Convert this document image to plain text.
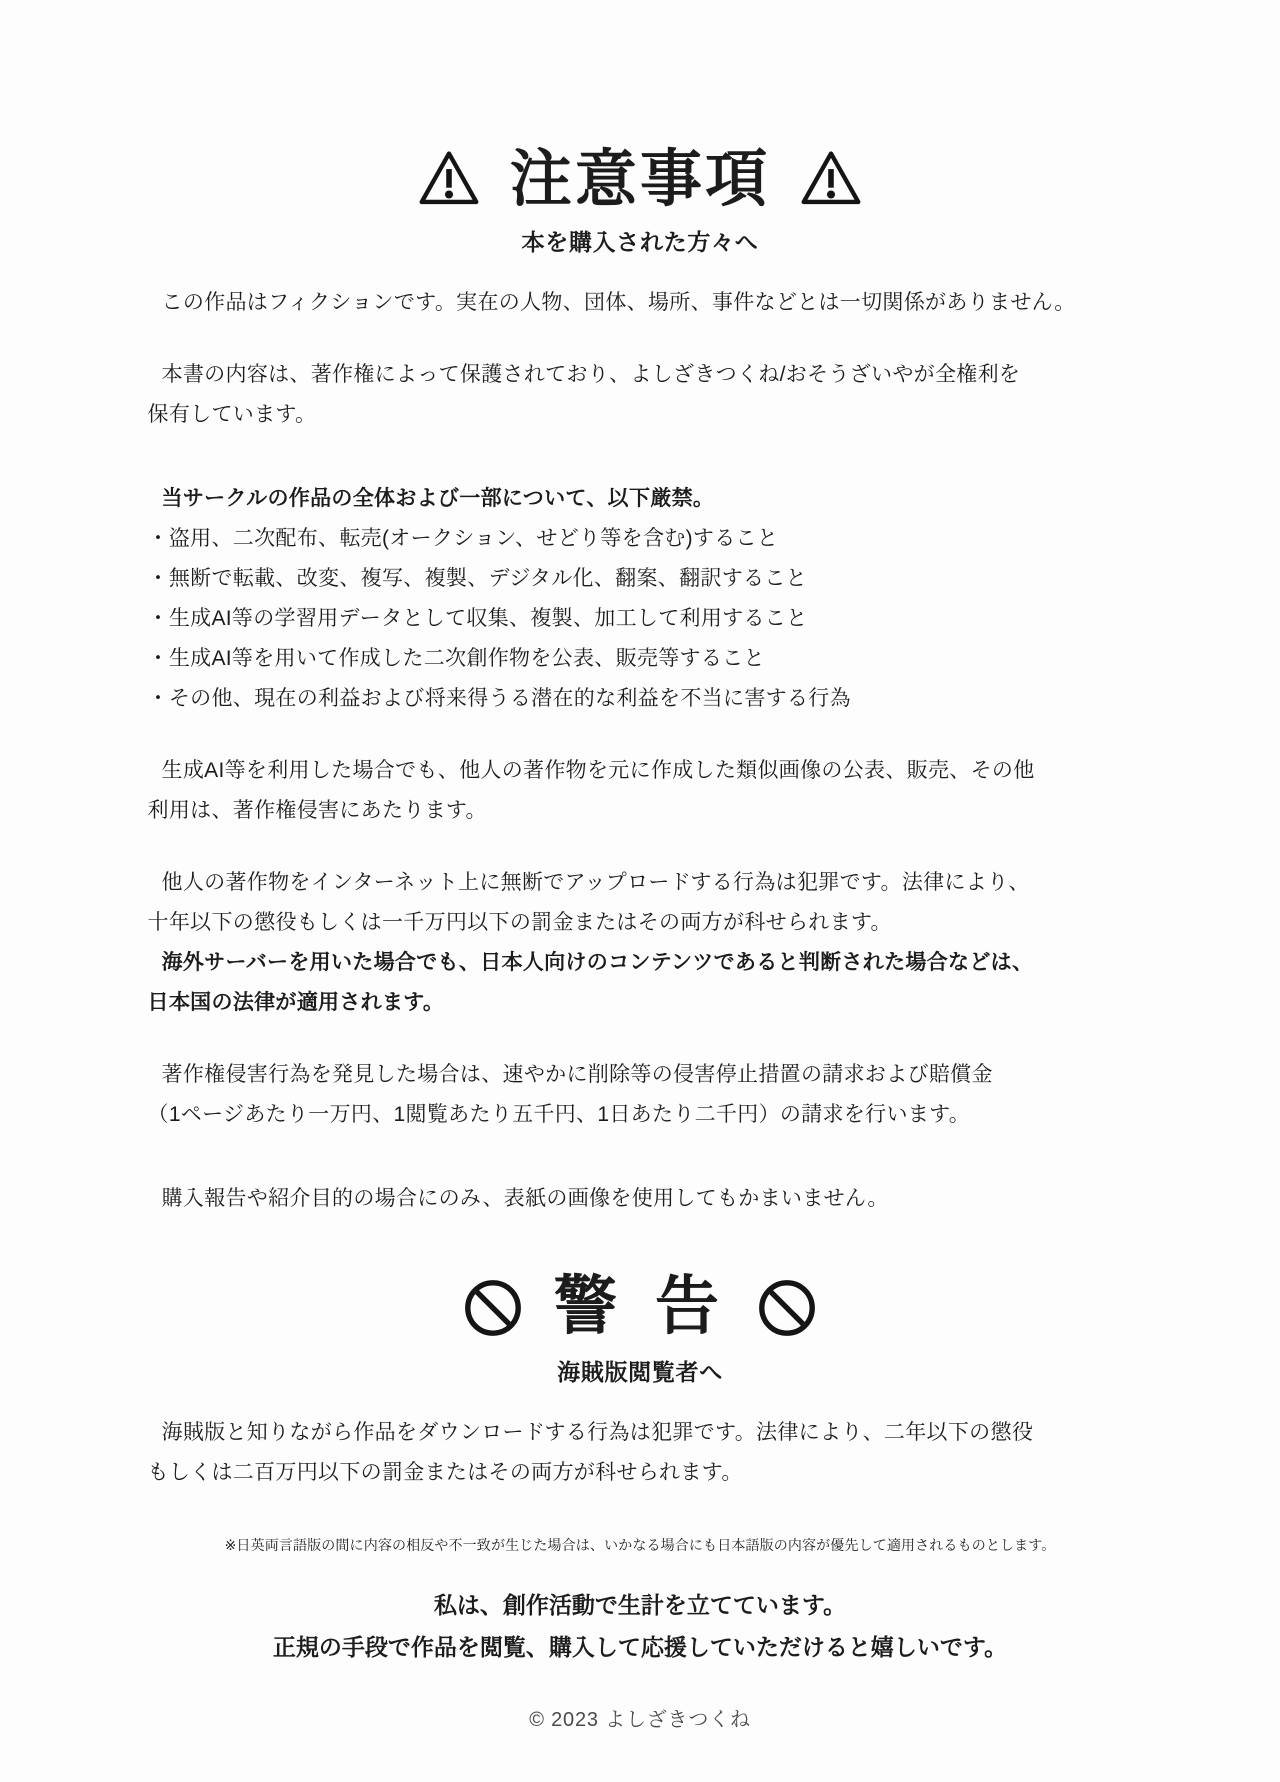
注意事項
本を購入された方々へ
この作品はフィクションです。実在の人物、団体、場所、事件などとは一切関係がありません。
本書の内容は、著作権によって保護されており、よしざきつくね/おそうざいやが全権利を
保有しています。
当サークルの作品の全体および一部について、以下厳禁。
・盗用、二次配布、転売(オークション、せどり等を含む)すること
・無断で転載、改変、複写、複製、デジタル化、翻案、翻訳すること
・生成AI等の学習用データとして収集、複製、加工して利用すること
・生成AI等を用いて作成した二次創作物を公表、販売等すること
・その他、現在の利益および将来得うる潜在的な利益を不当に害する行為
生成AI等を利用した場合でも、他人の著作物を元に作成した類似画像の公表、販売、その他
利用は、著作権侵害にあたります。
他人の著作物をインターネット上に無断でアップロードする行為は犯罪です。法律により、
十年以下の懲役もしくは一千万円以下の罰金またはその両方が科せられます。
海外サーバーを用いた場合でも、日本人向けのコンテンツであると判断された場合などは、
日本国の法律が適用されます。
著作権侵害行為を発見した場合は、速やかに削除等の侵害停止措置の請求および賠償金
（1ページあたり一万円、1閲覧あたり五千円、1日あたり二千円）の請求を行います。
購入報告や紹介目的の場合にのみ、表紙の画像を使用してもかまいません。
警 告
海賊版閲覧者へ
海賊版と知りながら作品をダウンロードする行為は犯罪です。法律により、二年以下の懲役
もしくは二百万円以下の罰金またはその両方が科せられます。
※日英両言語版の間に内容の相反や不一致が生じた場合は、いかなる場合にも日本語版の内容が優先して適用されるものとします。
私は、創作活動で生計を立てています。
正規の手段で作品を閲覧、購入して応援していただけると嬉しいです。
© 2023 よしざきつくね
